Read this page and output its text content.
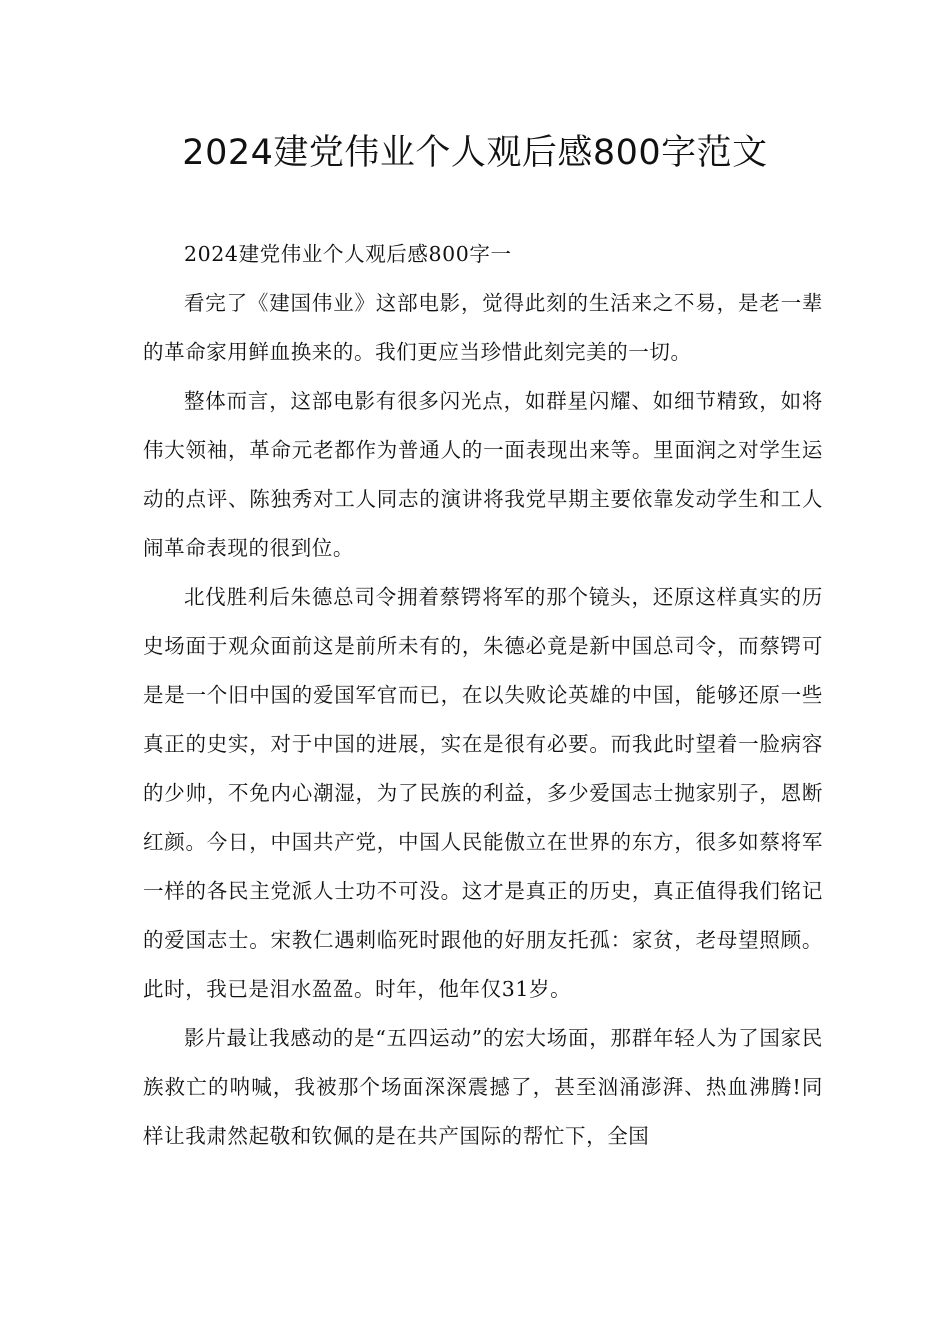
2024建党伟业个人观后感800字范文

2024建党伟业个人观后感800字一

看完了《建国伟业》这部电影，觉得此刻的生活来之不易，是老一辈的革命家用鲜血换来的。我们更应当珍惜此刻完美的一切。

整体而言，这部电影有很多闪光点，如群星闪耀、如细节精致，如将伟大领袖，革命元老都作为普通人的一面表现出来等。里面润之对学生运动的点评、陈独秀对工人同志的演讲将我党早期主要依靠发动学生和工人闹革命表现的很到位。

北伐胜利后朱德总司令拥着蔡锷将军的那个镜头，还原这样真实的历史场面于观众面前这是前所未有的，朱德必竟是新中国总司令，而蔡锷可是是一个旧中国的爱国军官而已，在以失败论英雄的中国，能够还原一些真正的史实，对于中国的进展，实在是很有必要。而我此时望着一脸病容的少帅，不免内心潮湿，为了民族的利益，多少爱国志士抛家别子，恩断红颜。今日，中国共产党，中国人民能傲立在世界的东方，很多如蔡将军一样的各民主党派人士功不可没。这才是真正的历史，真正值得我们铭记的爱国志士。宋教仁遇刺临死时跟他的好朋友托孤：家贫，老母望照顾。此时，我已是泪水盈盈。时年，他年仅31岁。

影片最让我感动的是“五四运动”的宏大场面，那群年轻人为了国家民族救亡的呐喊，我被那个场面深深震撼了，甚至汹涌澎湃、热血沸腾!同样让我肃然起敬和钦佩的是在共产国际的帮忙下，全国
